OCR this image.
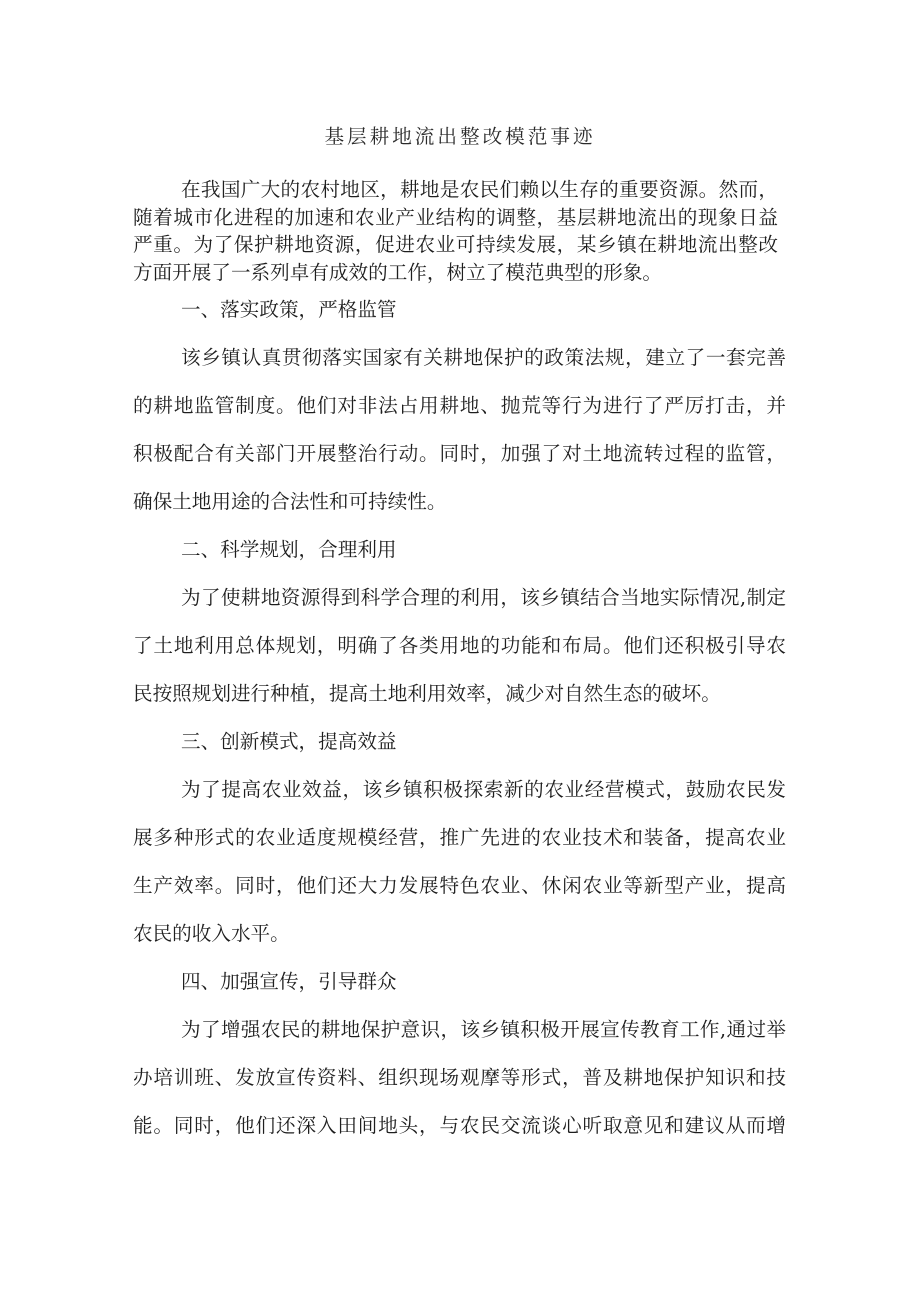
基层耕地流出整改模范事迹
在我国广大的农村地区，耕地是农民们赖以生存的重要资源。然而，
随着城市化进程的加速和农业产业结构的调整，基层耕地流出的现象日益
严重。为了保护耕地资源，促进农业可持续发展，某乡镇在耕地流出整改
方面开展了一系列卓有成效的工作，树立了模范典型的形象。
一、落实政策，严格监管
该乡镇认真贯彻落实国家有关耕地保护的政策法规，建立了一套完善
的耕地监管制度。他们对非法占用耕地、抛荒等行为进行了严厉打击，并
积极配合有关部门开展整治行动。同时，加强了对土地流转过程的监管，
确保土地用途的合法性和可持续性。
二、科学规划，合理利用
为了使耕地资源得到科学合理的利用，该乡镇结合当地实际情况,制定
了土地利用总体规划，明确了各类用地的功能和布局。他们还积极引导农
民按照规划进行种植，提高土地利用效率，减少对自然生态的破坏。
三、创新模式，提高效益
为了提高农业效益，该乡镇积极探索新的农业经营模式，鼓励农民发
展多种形式的农业适度规模经营，推广先进的农业技术和装备，提高农业
生产效率。同时，他们还大力发展特色农业、休闲农业等新型产业，提高
农民的收入水平。
四、加强宣传，引导群众
为了增强农民的耕地保护意识，该乡镇积极开展宣传教育工作,通过举
办培训班、发放宣传资料、组织现场观摩等形式，普及耕地保护知识和技
能。同时，他们还深入田间地头，与农民交流谈心听取意见和建议从而增
